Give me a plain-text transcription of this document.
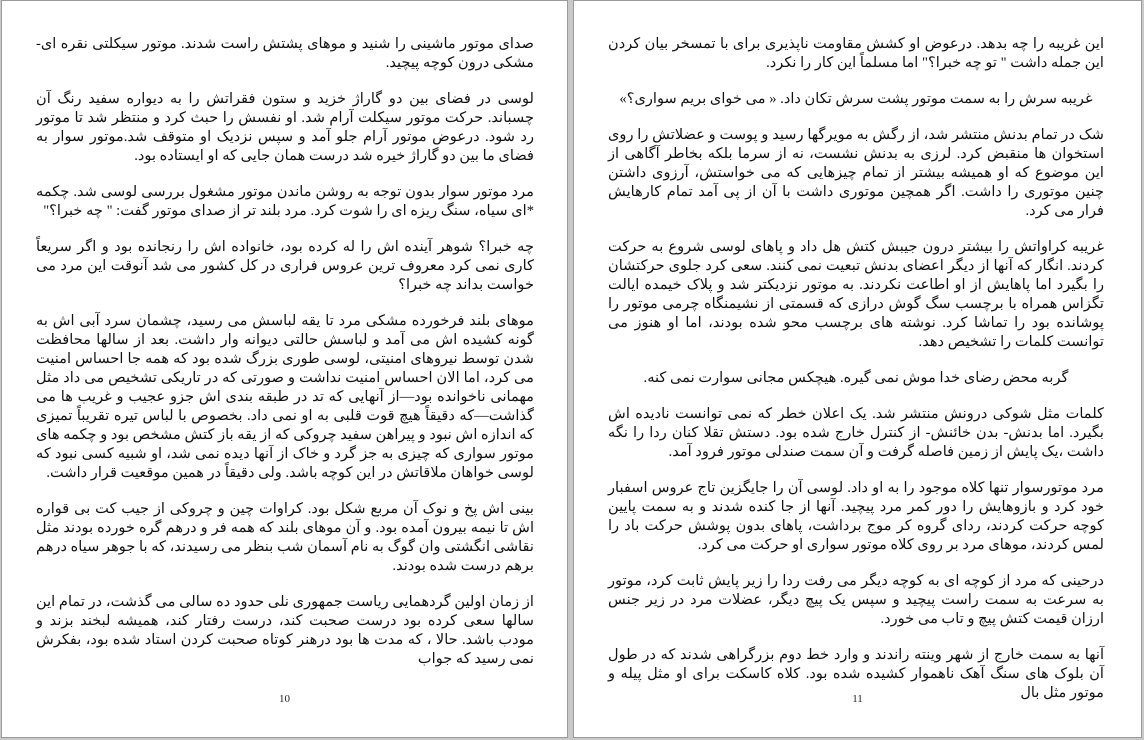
صدای موتور ماشینی را شنید و موهای پشتش راست شدند. موتور سیکلتی نقره ای- مشکی درون کوچه پیچید.

لوسی در فضای بین دو گاراژ خزید و ستون فقراتش را به دیواره سفید رنگ آن چسباند. حرکت موتور سیکلت آرام شد. او نفسش را حبث کرد و منتظر شد تا موتور رد شود. درعوض موتور آرام جلو آمد و سپس نزدیک او متوقف شد.موتور سوار به فضای ما بین دو گاراژ خیره شد درست همان جایی که او ایستاده بود.

مرد موتور سوار بدون توجه به روشن ماندن موتور مشغول بررسی لوسی شد. چکمه *ای سیاه، سنگ ریزه ای را شوت کرد. مرد بلند تر از صدای موتور گفت: " چه خبرا؟"

چه خبرا؟ شوهر آینده اش را له کرده بود، خانواده اش را رنجانده بود و اگر سریعاً کاری نمی کرد معروف ترین عروس فراری در کل کشور می شد آنوقت این مرد می خواست بداند چه خبرا؟

موهای بلند فرخورده مشکی مرد تا یقه لباسش می رسید، چشمان سرد آبی اش به گونه کشیده اش می آمد و لباسش حالتی دیوانه وار داشت. بعد از سالها محافظت شدن توسط نیروهای امنیتی، لوسی طوری بزرگ شده بود که همه جا احساس امنیت می کرد، اما الان احساس امنیت نداشت و صورتی که در تاریکی تشخیص می داد مثل مهمانی ناخوانده بود—از آنهایی که تد در طبقه بندی اش جزو عجیب و غریب ها می گذاشت—که دقیقاً هیچ قوت قلبی به او نمی داد. بخصوص با لباس تیره تقریباً تمیزی که اندازه اش نبود و پیراهن سفید چروکی که از یقه باز کتش مشخص بود و چکمه های موتور سواری که چیزی به جز گرد و خاک از آنها دیده نمی شد، او شبیه کسی نبود که لوسی خواهان ملاقاتش در این کوچه باشد. ولی دقیقاً در همین موقعیت قرار داشت.

بینی اش پخ و نوک آن مربع شکل بود. کراوات چین و چروکی از جیب کت بی قواره اش تا نیمه بیرون آمده بود. و آن موهای بلند که همه فر و درهم گره خورده بودند مثل نقاشی انگشتی وان گوگ به نام آسمان شب بنظر می رسیدند، که با جوهر سیاه درهم برهم درست شده بودند.

از زمان اولین گردهمایی ریاست جمهوری نلی حدود ده سالی می گذشت، در تمام این سالها سعی کرده بود درست صحبت کند، درست رفتار کند، همیشه لبخند بزند و مودب باشد. حالا ، که مدت ها بود درهنر کوتاه صحبت کردن استاد شده بود، بفکرش نمی رسید که جواب

10

این غریبه را چه بدهد. درعوض او کشش مقاومت ناپذیری برای با تمسخر بیان کردن این جمله داشت " تو چه خبرا؟" اما مسلماً این کار را نکرد.

غریبه سرش را به سمت موتور پشت سرش تکان داد. « می خوای بریم سواری؟»

شک در تمام بدنش منتشر شد، از رگش به مویرگها رسید و پوست و عضلاتش را روی استخوان ها منقبض کرد. لرزی به بدنش نشست، نه از سرما بلکه بخاطر آگاهی از این موضوع که او همیشه بیشتر از تمام چیزهایی که می خواستش، آرزوی داشتن چنین موتوری را داشت. اگر همچین موتوری داشت با آن از پی آمد تمام کارهایش فرار می کرد.

غریبه کراواتش را بیشتر درون جیبش کتش هل داد و پاهای لوسی شروع به حرکت کردند. انگار که آنها از دیگر اعضای بدنش تبعیت نمی کنند. سعی کرد جلوی حرکتشان را بگیرد اما پاهایش از او اطاعت نکردند. به موتور نزدیکتر شد و پلاک خیمده ایالت تگزاس همراه با برچسب سگ گوش درازی که قسمتی از نشیمنگاه چرمی موتور را پوشانده بود را تماشا کرد. نوشته های برچسب محو شده بودند، اما او هنوز می توانست کلمات را تشخیص دهد.

گربه محض رضای خدا موش نمی گیره. هیچکس مجانی سوارت نمی کنه.

کلمات مثل شوکی درونش منتشر شد. یک اعلان خطر که نمی توانست نادیده اش بگیرد. اما بدنش- بدن خائنش- از کنترل خارج شده بود. دستش تقلا کنان ردا را نگه داشت ،یک پایش از زمین فاصله گرفت و آن سمت صندلی موتور فرود آمد.

مرد موتورسوار تنها کلاه موجود را به او داد. لوسی آن را جایگزین تاج عروس اسفبار خود کرد و بازوهایش را دور کمر مرد پیچید. آنها از جا کنده شدند و به سمت پایین کوچه حرکت کردند، ردای گروه کر موج برداشت، پاهای بدون پوشش حرکت باد را لمس کردند، موهای مرد بر روی کلاه موتور سواری او حرکت می کرد.

درحینی که مرد از کوچه ای به کوچه دیگر می رفت ردا را زیر پایش ثابت کرد، موتور به سرعت به سمت راست پیچید و سپس یک پیچ دیگر، عضلات مرد در زیر جنس ارزان قیمت کتش پیچ و تاب می خورد.

آنها به سمت خارج از شهر وینته راندند و وارد خط دوم بزرگراهی شدند که در طول آن بلوک های سنگ آهک ناهموار کشیده شده بود. کلاه کاسکت برای او مثل پیله و موتور مثل بال

11
